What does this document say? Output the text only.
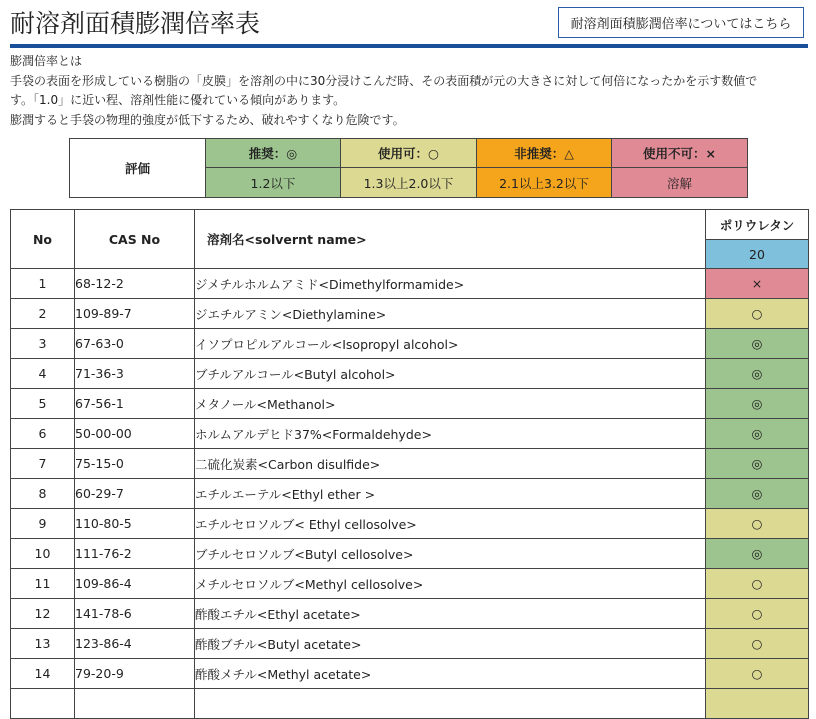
耐溶剤面積膨潤倍率表	耐溶剤面積膨潤倍率についてはこちら

膨潤倍率とは

手袋の表面を形成している樹脂の「皮膜」を溶剤の中に30分浸けこんだ時、その表面積が元の大きさに対して何倍になったかを示す数値で

す。「1.0」に近い程、溶剤性能に優れている傾向があります。

膨潤すると手袋の物理的強度が低下するため、破れやすくなり危険です。

評価	推奨：◎	使用可：○	非推奨：△	使用不可：×
	1.2以下	1.3以上2.0以下	2.1以上3.2以下	溶解
No	CAS No	溶剤名<solvernt name>	ポリウレタン
			20
1	68-12-2	ジメチルホルムアミド<Dimethylformamide>	×
2	109-89-7	ジエチルアミン<Diethylamine>	○
3	67-63-0	イソプロピルアルコール<Isopropyl alcohol>	◎
4	71-36-3	ブチルアルコール<Butyl alcohol>	◎
5	67-56-1	メタノール<Methanol>	◎
6	50-00-00	ホルムアルデヒド37%<Formaldehyde>	◎
7	75-15-0	二硫化炭素<Carbon disulfide>	◎
8	60-29-7	エチルエーテル<Ethyl ether >	◎
9	110-80-5	エチルセロソルブ< Ethyl cellosolve>	○
10	111-76-2	ブチルセロソルブ<Butyl cellosolve>	◎
11	109-86-4	メチルセロソルブ<Methyl cellosolve>	○
12	141-78-6	酢酸エチル<Ethyl acetate>	○
13	123-86-4	酢酸ブチル<Butyl acetate>	○
14	79-20-9	酢酸メチル<Methyl acetate>	○
